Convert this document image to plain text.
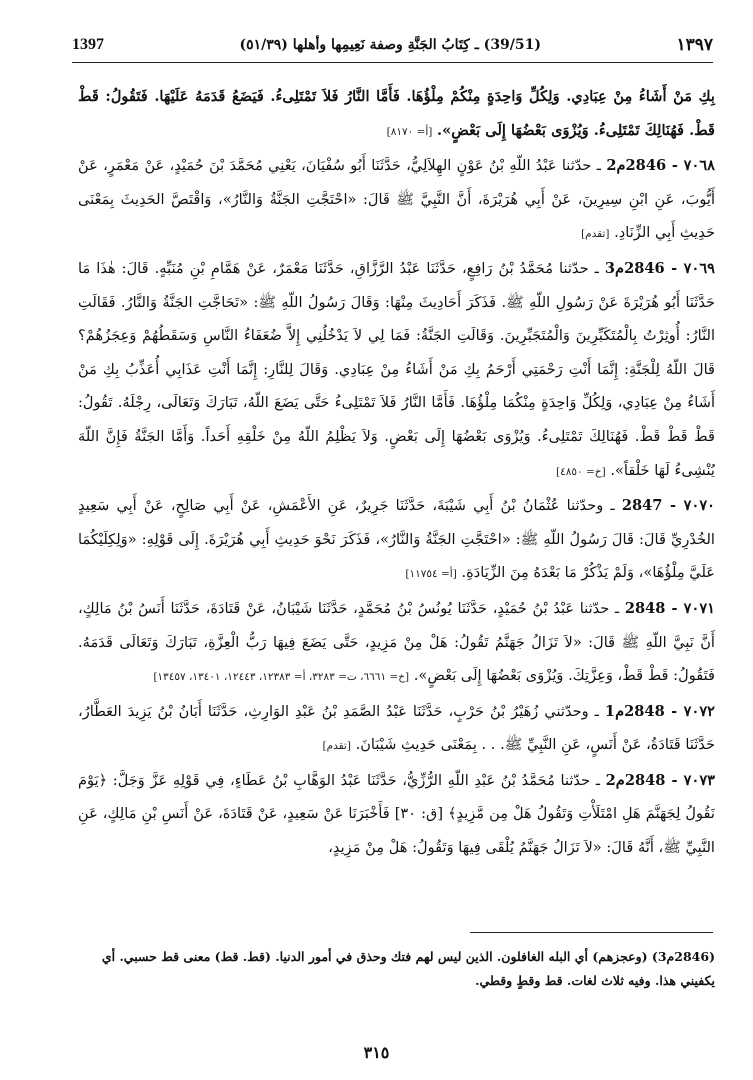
1397	(39/51) ـ كِتَابُ الجَنَّةِ وصفة نَعِيمِها وأهلها (٥١/٣٩)	١٣٩٧

بِكِ مَنْ أَشَاءُ مِنْ عِبَادِي. وَلِكُلِّ وَاحِدَةٍ مِنْكُمْ مِلْؤُهَا. فَأَمَّا النَّارُ فَلاَ تَمْتَلِىءُ. فَيَضَعُ قَدَمَهُ عَلَيْهَا. فَتَقُولُ: قَطْ قَطْ. فَهُنَالِكَ تَمْتَلِىءُ. وَيُزْوَى بَعْضُهَا إِلَى بَعْضٍ». [أ= ٨١٧٠]

٧٠٦٨ - 2846م2 ـ حدّثنا عَبْدُ اللّهِ بْنُ عَوْنٍ الهِلاَلِيُّ، حَدَّثَنَا أَبُو سُفْيَانَ، يَعْنِي مُحَمَّدَ بْنَ حُمَيْدٍ، عَنْ مَعْمَرٍ، عَنْ أَيُّوبَ، عَنِ ابْنِ سِيرِينَ، عَنْ أَبِي هُرَيْرَةَ، أَنَّ النَّبِيَّ ﷺ قَالَ: «احْتَجَّتِ الجَنَّةُ وَالنَّارُ»، وَاقْتَصَّ الحَدِيثَ بِمَعْنَى حَدِيثِ أَبِي الزِّنَادِ. [تقدم]

٧٠٦٩ - 2846م3 ـ حدّثنا مُحَمَّدُ بْنُ رَافِعٍ، حَدَّثَنَا عَبْدُ الرَّزَّاقِ، حَدَّثَنَا مَعْمَرٌ، عَنْ هَمَّامِ بْنِ مُنَبِّهٍ. قَالَ: هٰذَا مَا حَدَّثَنَا أَبُو هُرَيْرَةَ عَنْ رَسُولِ اللّهِ ﷺ. فَذَكَرَ أَحَادِيثَ مِنْهَا: وَقَالَ رَسُولُ اللّهِ ﷺ: «تَحَاجَّتِ الجَنَّةُ وَالنَّارُ. فَقَالَتِ النَّارُ: أُوثِرْتُ بِالْمُتَكَبِّرِينَ وَالْمُتَجَبِّرِينَ. وَقَالَتِ الجَنَّةُ: فَمَا لِي لاَ يَدْخُلُنِي إِلاَّ ضُعَفَاءُ النَّاسِ وَسَقَطُهُمْ وَعِجَزُهُمْ؟ قَالَ اللّهُ لِلْجَنَّةِ: إِنَّمَا أَنْتِ رَحْمَتِي أَرْحَمُ بِكِ مَنْ أَشَاءُ مِنْ عِبَادِي. وَقَالَ لِلنَّارِ: إِنَّمَا أَنْتِ عَذَابِي أُعَذِّبُ بِكِ مَنْ أَشَاءُ مِنْ عِبَادِي، وَلِكُلِّ وَاحِدَةٍ مِنْكُمَا مِلْؤُهَا. فَأَمَّا النَّارُ فَلاَ تَمْتَلِىءُ حَتَّى يَضَعَ اللّهُ، تَبَارَكَ وَتَعَالَى، رِجْلَهُ. تَقُولُ: قَطْ قَطْ قَطْ. فَهُنَالِكَ تَمْتَلِىءُ. وَيُزْوَى بَعْضُهَا إِلَى بَعْضٍ. وَلاَ يَظْلِمُ اللّهُ مِنْ خَلْقِهِ أَحَداً. وَأَمَّا الجَنَّةُ فَإِنَّ اللّهَ يُنْشِىءُ لَهَا خَلْقاً». [خ= ٤٨٥٠]

٧٠٧٠ - 2847 ـ وحدّثنا عُثْمَانُ بْنُ أَبِي شَيْبَةَ، حَدَّثَنَا جَرِيرٌ، عَنِ الأَعْمَشِ، عَنْ أَبِي صَالِحٍ، عَنْ أَبِي سَعِيدٍ الخُدْرِيِّ قَالَ: قَالَ رَسُولُ اللّهِ ﷺ: «احْتَجَّتِ الجَنَّةُ وَالنَّارُ»، فَذَكَرَ نَحْوَ حَدِيثِ أَبِي هُرَيْرَةَ. إِلَى قَوْلِهِ: «وَلِكِلَيْكُمَا عَلَيَّ مِلْؤُهَا»، وَلَمْ يَذْكُرْ مَا بَعْدَهُ مِنَ الزِّيَادَةِ. [أ= ١١٧٥٤]

٧٠٧١ - 2848 ـ حدّثنا عَبْدُ بْنُ حُمَيْدٍ، حَدَّثَنَا يُونُسُ بْنُ مُحَمَّدٍ، حَدَّثَنَا شَيْبَانُ، عَنْ قَتَادَةَ، حَدَّثَنَا أَنَسُ بْنُ مَالِكٍ، أَنَّ نَبِيَّ اللّهِ ﷺ قَالَ: «لاَ تَزَالُ جَهَنَّمُ تَقُولُ: هَلْ مِنْ مَزِيدٍ، حَتَّى يَضَعَ فِيهَا رَبُّ الْعِزَّةِ، تَبَارَكَ وَتَعَالَى قَدَمَهُ. فَتَقُولُ: قَطْ قَطْ، وَعِزَّتِكَ. وَيُزْوَى بَعْضُهَا إِلَى بَعْضٍ». [خ= ٦٦٦١، ت= ٣٢٨٣، أ= ١٢٣٨٣، ١٢٤٤٣، ١٣٤٠١، ١٣٤٥٧]

٧٠٧٢ - 2848م1 ـ وحدّثني زُهَيْرُ بْنُ حَرْبٍ، حَدَّثَنَا عَبْدُ الصَّمَدِ بْنُ عَبْدِ الوَارِثِ، حَدَّثَنَا أَبَانُ بْنُ يَزِيدَ العَطَّارُ، حَدَّثَنَا قَتَادَةُ، عَنْ أَنَسٍ، عَنِ النَّبِيِّ ﷺ. . . بِمَعْنَى حَدِيثِ شَيْبَانَ. [تقدم]

٧٠٧٣ - 2848م2 ـ حدّثنا مُحَمَّدُ بْنُ عَبْدِ اللّهِ الرُّزِّيُّ، حَدَّثَنَا عَبْدُ الوَهَّابِ بْنُ عَطَاءٍ، فِي قَوْلِهِ عَزَّ وَجَلَّ: ﴿يَوْمَ نَقُولُ لِجَهَنَّمَ هَلِ امْتَلَأْتِ وَتَقُولُ هَلْ مِن مَّزِيدٍ﴾ [ق: ٣٠] فَأَخْبَرَنَا عَنْ سَعِيدٍ، عَنْ قَتَادَةَ، عَنْ أَنَسِ بْنِ مَالِكٍ، عَنِ النَّبِيِّ ﷺ، أَنَّهُ قَالَ: «لاَ تَزَالُ جَهَنَّمُ يُلْقَى فِيهَا وَتَقُولُ: هَلْ مِنْ مَزِيدٍ،

(2846م3) (وعجزهم) أي البله الغافلون. الذين ليس لهم فتك وحذق في أمور الدنيا. (قط. قط) معنى قط حسبي. أي يكفيني هذا. وفيه ثلاث لغات. قط وقطٍ وقطي.
٣١٥
